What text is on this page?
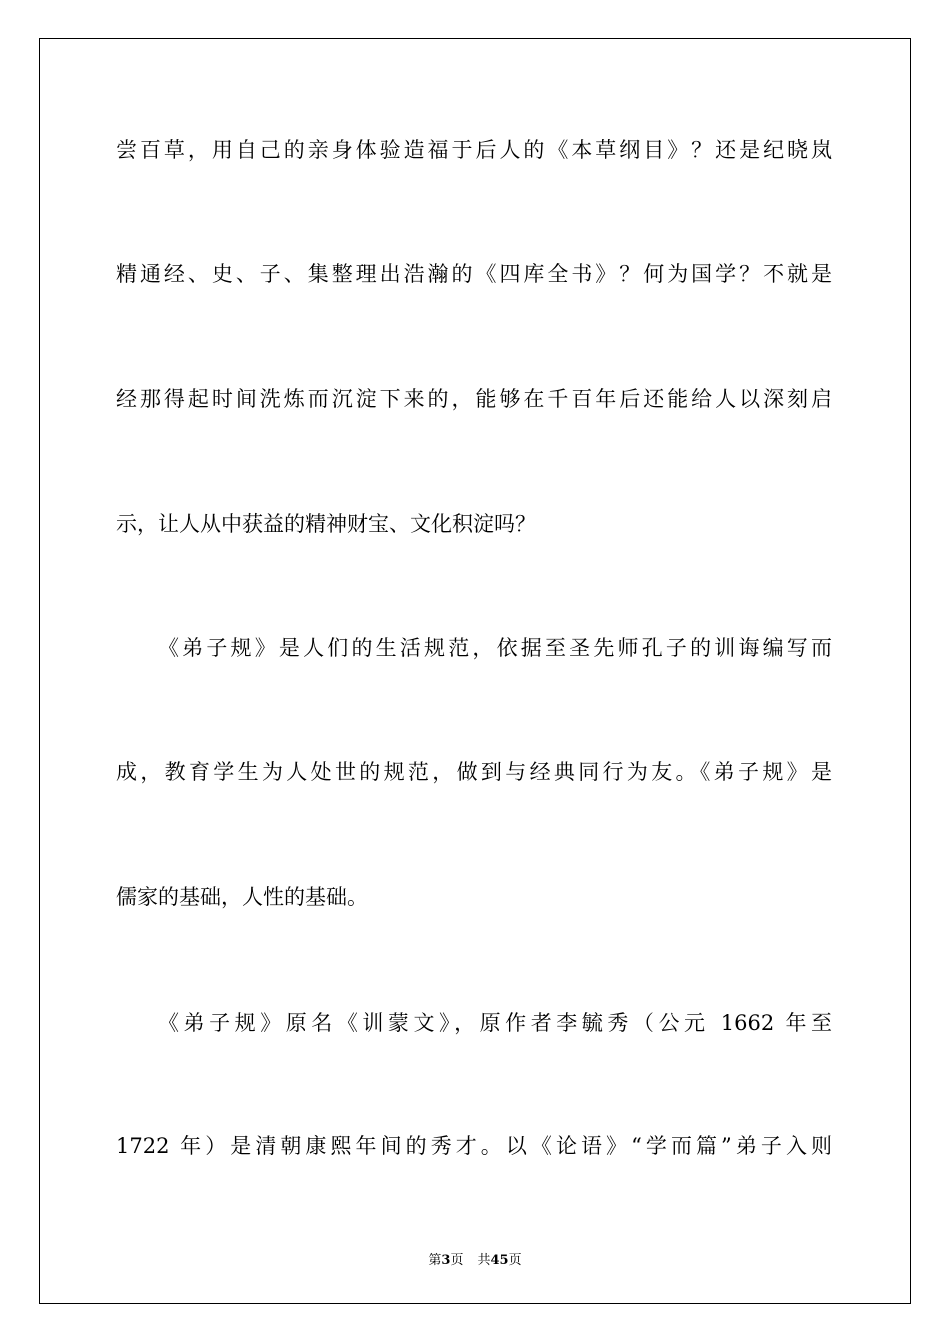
尝百草，用自己的亲身体验造福于后人的《本草纲目》？还是纪晓岚
精通经、史、子、集整理出浩瀚的《四库全书》？何为国学？不就是
经那得起时间洗炼而沉淀下来的，能够在千百年后还能给人以深刻启
示，让人从中获益的精神财宝、文化积淀吗？
《弟子规》是人们的生活规范，依据至圣先师孔子的训诲编写而
成，教育学生为人处世的规范，做到与经典同行为友。《弟子规》是
儒家的基础，人性的基础。
《弟子规》原名《训蒙文》，原作者李毓秀（公元 1662 年至
1722 年）是清朝康熙年间的秀才。以《论语》“学而篇”弟子入则
第3页 共45页
